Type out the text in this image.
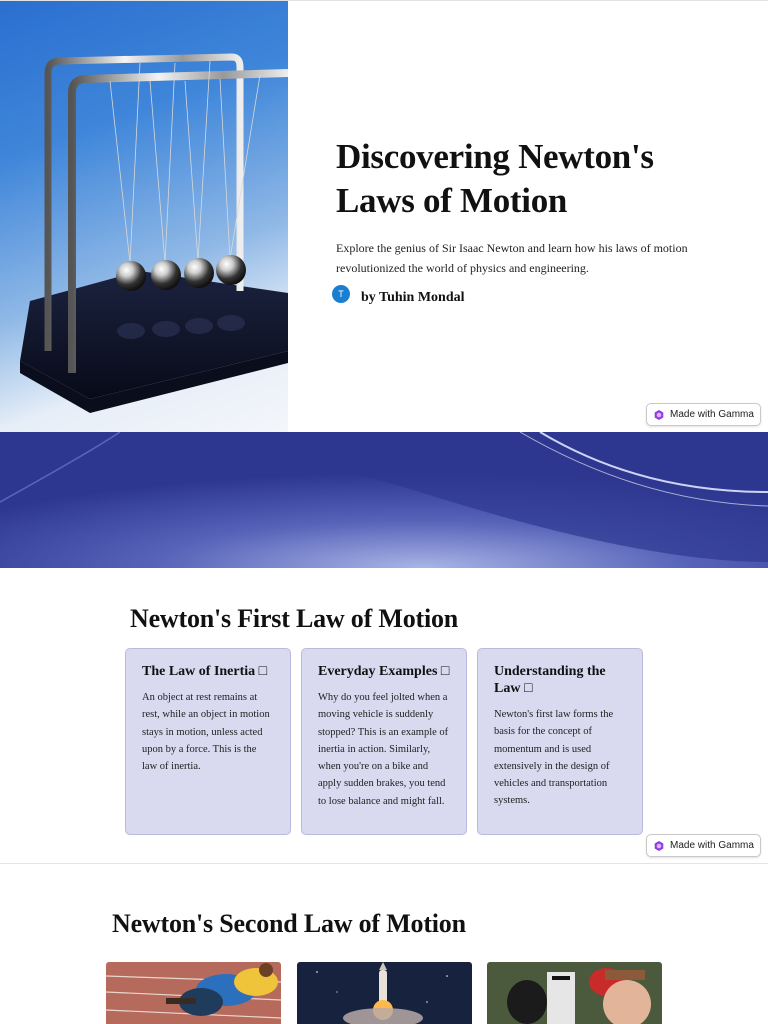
Discovering Newton's Laws of Motion

Explore the genius of Sir Isaac Newton and learn how his laws of motion revolutionized the world of physics and engineering.

T	by Tuhin Mondal
Made with Gamma
Newton's First Law of Motion
The Law of Inertia □
An object at rest remains at rest, while an object in motion stays in motion, unless acted upon by a force. This is the law of inertia.
Everyday Examples □
Why do you feel jolted when a moving vehicle is suddenly stopped? This is an example of inertia in action. Similarly, when you're on a bike and apply sudden brakes, you tend to lose balance and might fall.
Understanding the Law □
Newton's first law forms the basis for the concept of momentum and is used extensively in the design of vehicles and transportation systems.
Made with Gamma
Newton's Second Law of Motion
